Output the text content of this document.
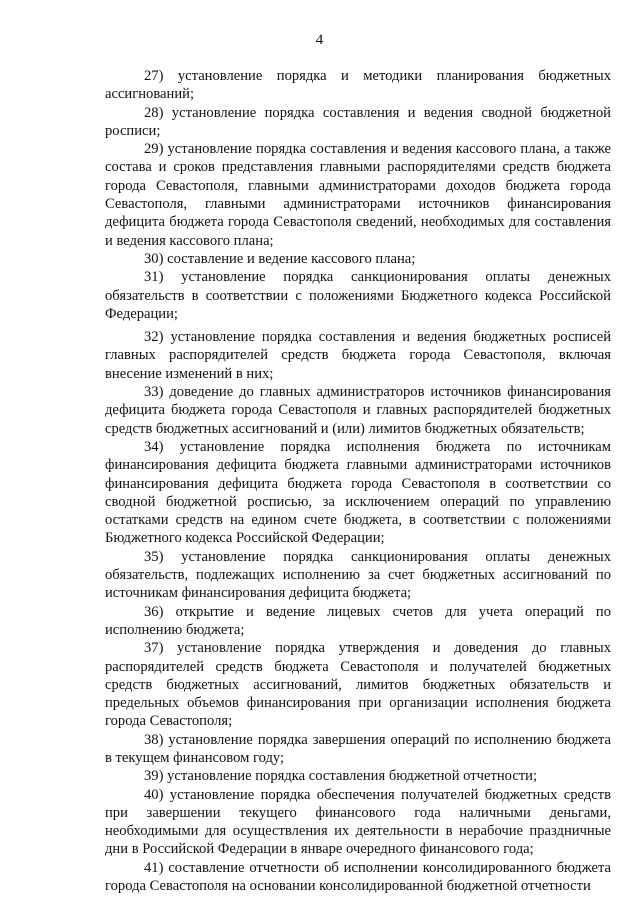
4

27) установление порядка и методики планирования бюджетных ассигнований;

28) установление порядка составления и ведения сводной бюджетной росписи;

29) установление порядка составления и ведения кассового плана, а также состава и сроков представления главными распорядителями средств бюджета города Севастополя, главными администраторами доходов бюджета города Севастополя, главными администраторами источников финансирования дефицита бюджета города Севастополя сведений, необходимых для составления и ведения кассового плана;

30) составление и ведение кассового плана;

31) установление порядка санкционирования оплаты денежных обязательств в соответствии с положениями Бюджетного кодекса Российской Федерации;

32) установление порядка составления и ведения бюджетных росписей главных распорядителей средств бюджета города Севастополя, включая внесение изменений в них;

33) доведение до главных администраторов источников финансирования дефицита бюджета города Севастополя и главных распорядителей бюджетных средств бюджетных ассигнований и (или) лимитов бюджетных обязательств;

34) установление порядка исполнения бюджета по источникам финансирования дефицита бюджета главными администраторами источников финансирования дефицита бюджета города Севастополя в соответствии со сводной бюджетной росписью, за исключением операций по управлению остатками средств на едином счете бюджета, в соответствии с положениями Бюджетного кодекса Российской Федерации;

35) установление порядка санкционирования оплаты денежных обязательств, подлежащих исполнению за счет бюджетных ассигнований по источникам финансирования дефицита бюджета;

36) открытие и ведение лицевых счетов для учета операций по исполнению бюджета;

37) установление порядка утверждения и доведения до главных распорядителей средств бюджета Севастополя и получателей бюджетных средств бюджетных ассигнований, лимитов бюджетных обязательств и предельных объемов финансирования при организации исполнения бюджета города Севастополя;

38) установление порядка завершения операций по исполнению бюджета в текущем финансовом году;

39) установление порядка составления бюджетной отчетности;

40) установление порядка обеспечения получателей бюджетных средств при завершении текущего финансового года наличными деньгами, необходимыми для осуществления их деятельности в нерабочие праздничные дни в Российской Федерации в январе очередного финансового года;

41) составление отчетности об исполнении консолидированного бюджета города Севастополя на основании консолидированной бюджетной отчетности
